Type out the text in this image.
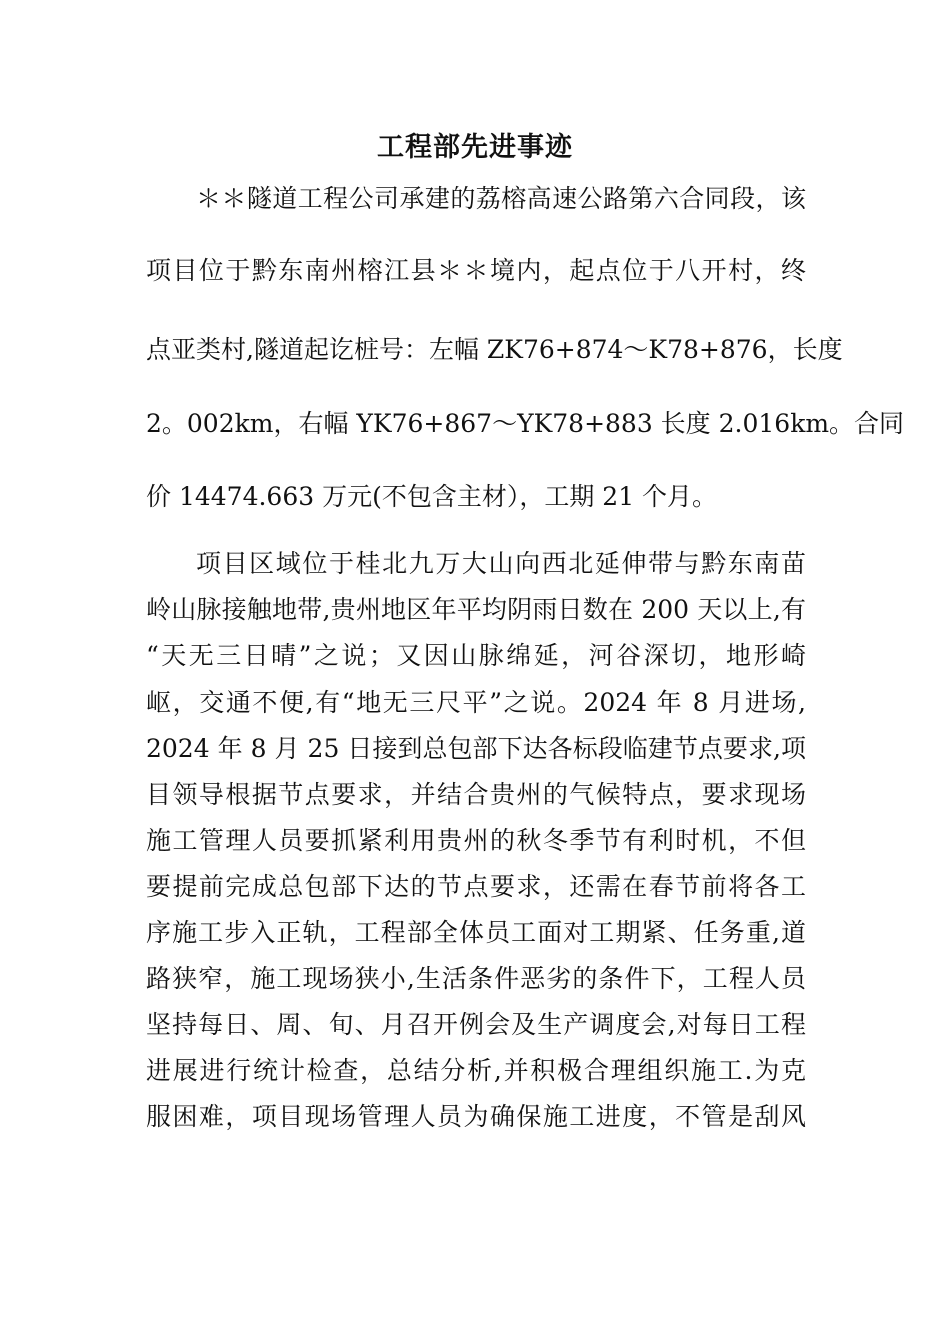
工程部先进事迹

＊＊隧道工程公司承建的荔榕高速公路第六合同段，该

项目位于黔东南州榕江县＊＊境内，起点位于八开村，终

点亚类村,隧道起讫桩号：左幅 ZK76+874～K78+876，长度

2。002km，右幅 YK76+867～YK78+883 长度 2.016km。合同

价 14474.663 万元(不包含主材），工期 21 个月。

项目区域位于桂北九万大山向西北延伸带与黔东南苗

岭山脉接触地带,贵州地区年平均阴雨日数在 200 天以上,有

“天无三日晴”之说；又因山脉绵延，河谷深切，地形崎

岖，交通不便,有“地无三尺平”之说。2024 年 8 月进场,

2024 年 8 月 25 日接到总包部下达各标段临建节点要求,项

目领导根据节点要求，并结合贵州的气候特点，要求现场

施工管理人员要抓紧利用贵州的秋冬季节有利时机，不但

要提前完成总包部下达的节点要求，还需在春节前将各工

序施工步入正轨，工程部全体员工面对工期紧、任务重,道

路狭窄，施工现场狭小,生活条件恶劣的条件下，工程人员

坚持每日、周、旬、月召开例会及生产调度会,对每日工程

进展进行统计检查，总结分析,并积极合理组织施工.为克

服困难，项目现场管理人员为确保施工进度，不管是刮风
